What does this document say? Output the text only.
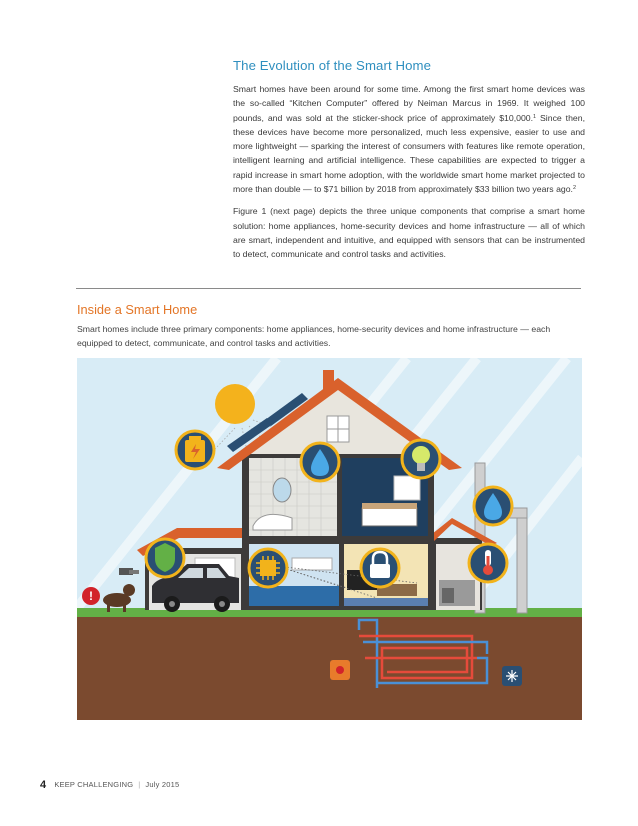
The Evolution of the Smart Home

Smart homes have been around for some time. Among the first smart home devices was the so-called “Kitchen Computer” offered by Neiman Marcus in 1969. It weighed 100 pounds, and was sold at the sticker-shock price of approximately $10,000.$^1$ Since then, these devices have become more personalized, much less expensive, easier to use and more lightweight — sparking the interest of consumers with features like remote operation, intelligent learning and artificial intelligence. These capabilities are expected to trigger a rapid increase in smart home adoption, with the worldwide smart home market projected to more than double — to $71 billion by 2018 from approximately $33 billion two years ago.$^2$

Figure 1 (next page) depicts the three unique components that comprise a smart home solution: home appliances, home-security devices and home infrastructure — all of which are smart, independent and intuitive, and equipped with sensors that can be instrumented to detect, communicate and control tasks and activities.

Inside a Smart Home

Smart homes include three primary components: home appliances, home-security devices and home infrastructure — each equipped to detect, communicate, and control tasks and activities.

!
4 KEEP CHALLENGING | July 2015
